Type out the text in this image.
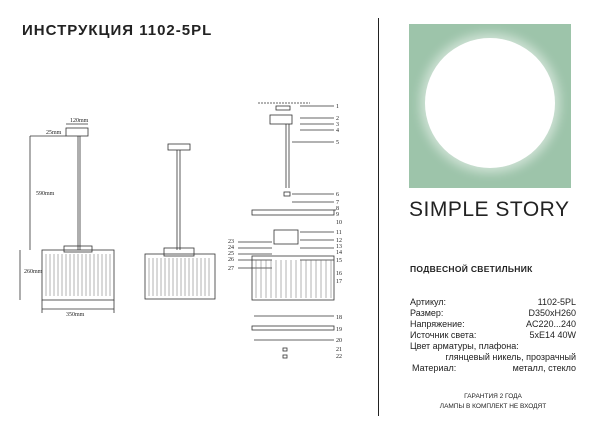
ИНСТРУКЦИЯ 1102-5PL
120mm
25mm
590mm
260mm
350mm
1
2
3
4
5
6
7
8
9
10
11
12
13
14
15
16
17
18
19
20
21
22
23
24
25
26
27
SIMPLE STORY
ПОДВЕСНОЙ СВЕТИЛЬНИК
Артикул:	1102-5PL
Размер:	D350xH260
Напряжение:	AC220...240
Источник света:	5xE14 40W
Цвет арматуры, плафона:
глянцевый никель, прозрачный
Материал:	металл, стекло
ГАРАНТИЯ 2 ГОДА
ЛАМПЫ В КОМПЛЕКТ НЕ ВХОДЯТ
